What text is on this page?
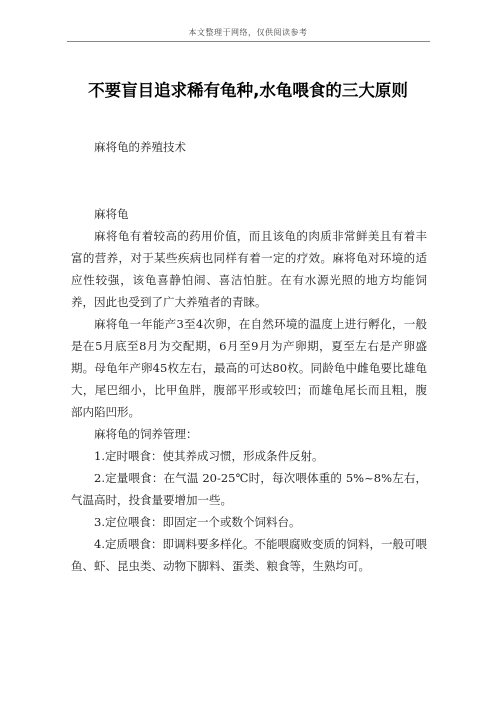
本文整理于网络，仅供阅读参考
不要盲目追求稀有龟种,水龟喂食的三大原则

麻将龟的养殖技术

麻将龟

麻将龟有着较高的药用价值，而且该龟的肉质非常鲜美且有着丰富的营养，对于某些疾病也同样有着一定的疗效。麻将龟对环境的适应性较强，该龟喜静怕闹、喜洁怕脏。在有水源光照的地方均能饲养，因此也受到了广大养殖者的青睐。

麻将龟一年能产3至4次卵，在自然环境的温度上进行孵化，一般是在5月底至8月为交配期，6月至9月为产卵期，夏至左右是产卵盛期。母龟年产卵45枚左右，最高的可达80枚。同龄龟中雌龟要比雄龟大，尾巴细小，比甲鱼胖，腹部平形或较凹；而雄龟尾长而且粗，腹部内陷凹形。

麻将龟的饲养管理：

1.定时喂食：使其养成习惯，形成条件反射。

2.定量喂食：在气温 20-25℃时，每次喂体重的 5%~8%左右，气温高时，投食量要增加一些。

3.定位喂食：即固定一个或数个饲料台。

4.定质喂食：即调料要多样化。不能喂腐败变质的饲料，一般可喂鱼、虾、昆虫类、动物下脚料、蛋类、粮食等，生熟均可。
